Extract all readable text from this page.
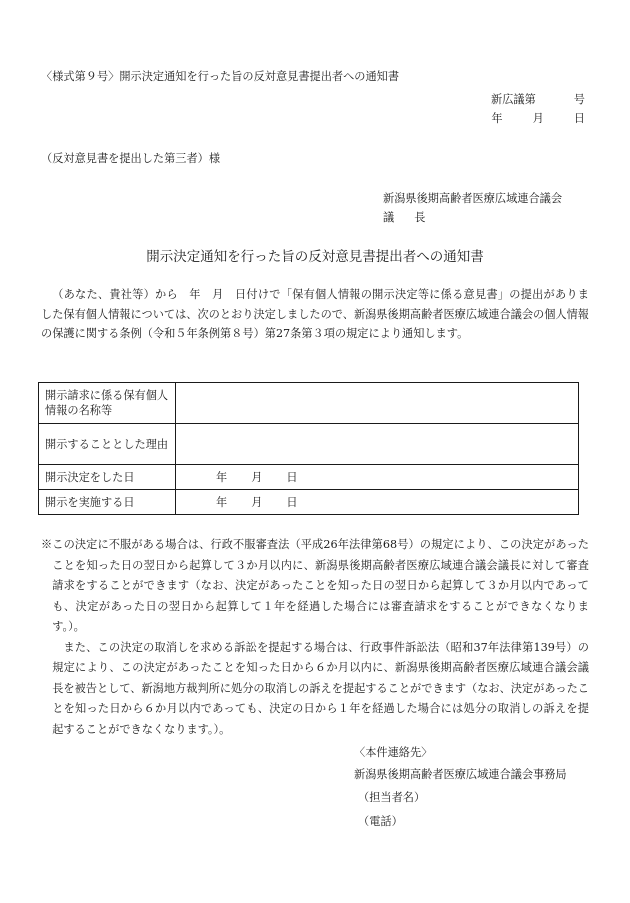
〈様式第９号〉開示決定通知を行った旨の反対意見書提出者への通知書
新広議第	号
年	月	日
（反対意見書を提出した第三者）様
新潟県後期高齢者医療広域連合議会
議 長
開示決定通知を行った旨の反対意見書提出者への通知書

（あなた、貴社等）から　年　月　日付けで「保有個人情報の開示決定等に係る意見書」の提出がありました保有個人情報については、次のとおり決定しましたので、新潟県後期高齢者医療広域連合議会の個人情報の保護に関する条例（令和５年条例第８号）第27条第３項の規定により通知します。

開示請求に係る保有個人情報の名称等	
開示することとした理由	
開示決定をした日	年 月 日
開示を実施する日	年 月 日

※この決定に不服がある場合は、行政不服審査法（平成26年法律第68号）の規定により、この決定があったことを知った日の翌日から起算して３か月以内に、新潟県後期高齢者医療広域連合議会議長に対して審査請求をすることができます（なお、決定があったことを知った日の翌日から起算して３か月以内であっても、決定があった日の翌日から起算して１年を経過した場合には審査請求をすることができなくなります。）。

また、この決定の取消しを求める訴訟を提起する場合は、行政事件訴訟法（昭和37年法律第139号）の規定により、この決定があったことを知った日から６か月以内に、新潟県後期高齢者医療広域連合議会議長を被告として、新潟地方裁判所に処分の取消しの訴えを提起することができます（なお、決定があったことを知った日から６か月以内であっても、決定の日から１年を経過した場合には処分の取消しの訴えを提起することができなくなります。）。

〈本件連絡先〉
新潟県後期高齢者医療広域連合議会事務局
（担当者名）
（電話）
